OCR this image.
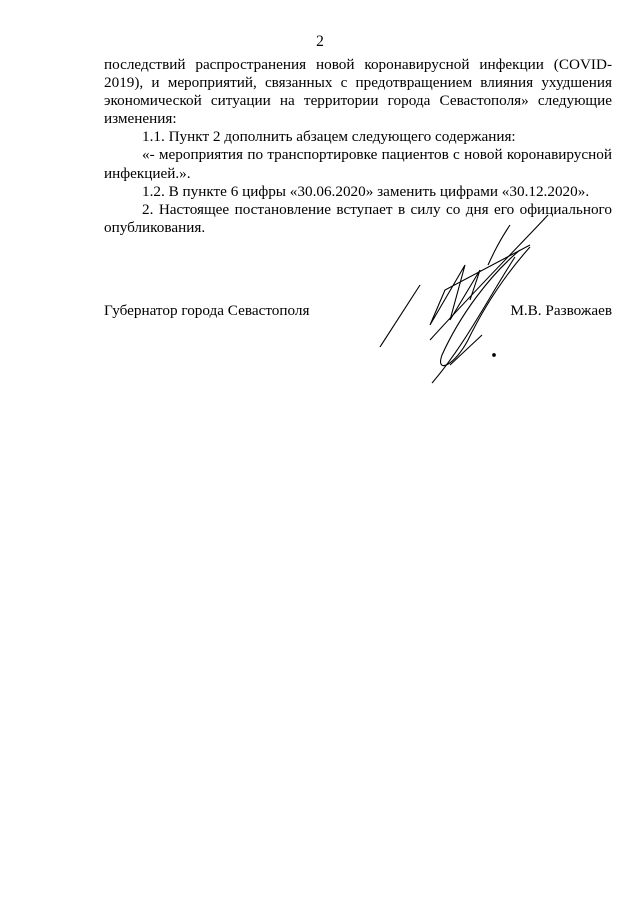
2

последствий распространения новой коронавирусной инфекции (COVID-2019), и мероприятий, связанных с предотвращением влияния ухудшения экономической ситуации на территории города Севастополя» следующие изменения:

1.1. Пункт 2 дополнить абзацем следующего содержания:

«- мероприятия по транспортировке пациентов с новой коронавирусной инфекцией.».

1.2. В пункте 6 цифры «30.06.2020» заменить цифрами «30.12.2020».

2. Настоящее постановление вступает в силу со дня его официального опубликования.

Губернатор города Севастополя	М.В. Развожаев
